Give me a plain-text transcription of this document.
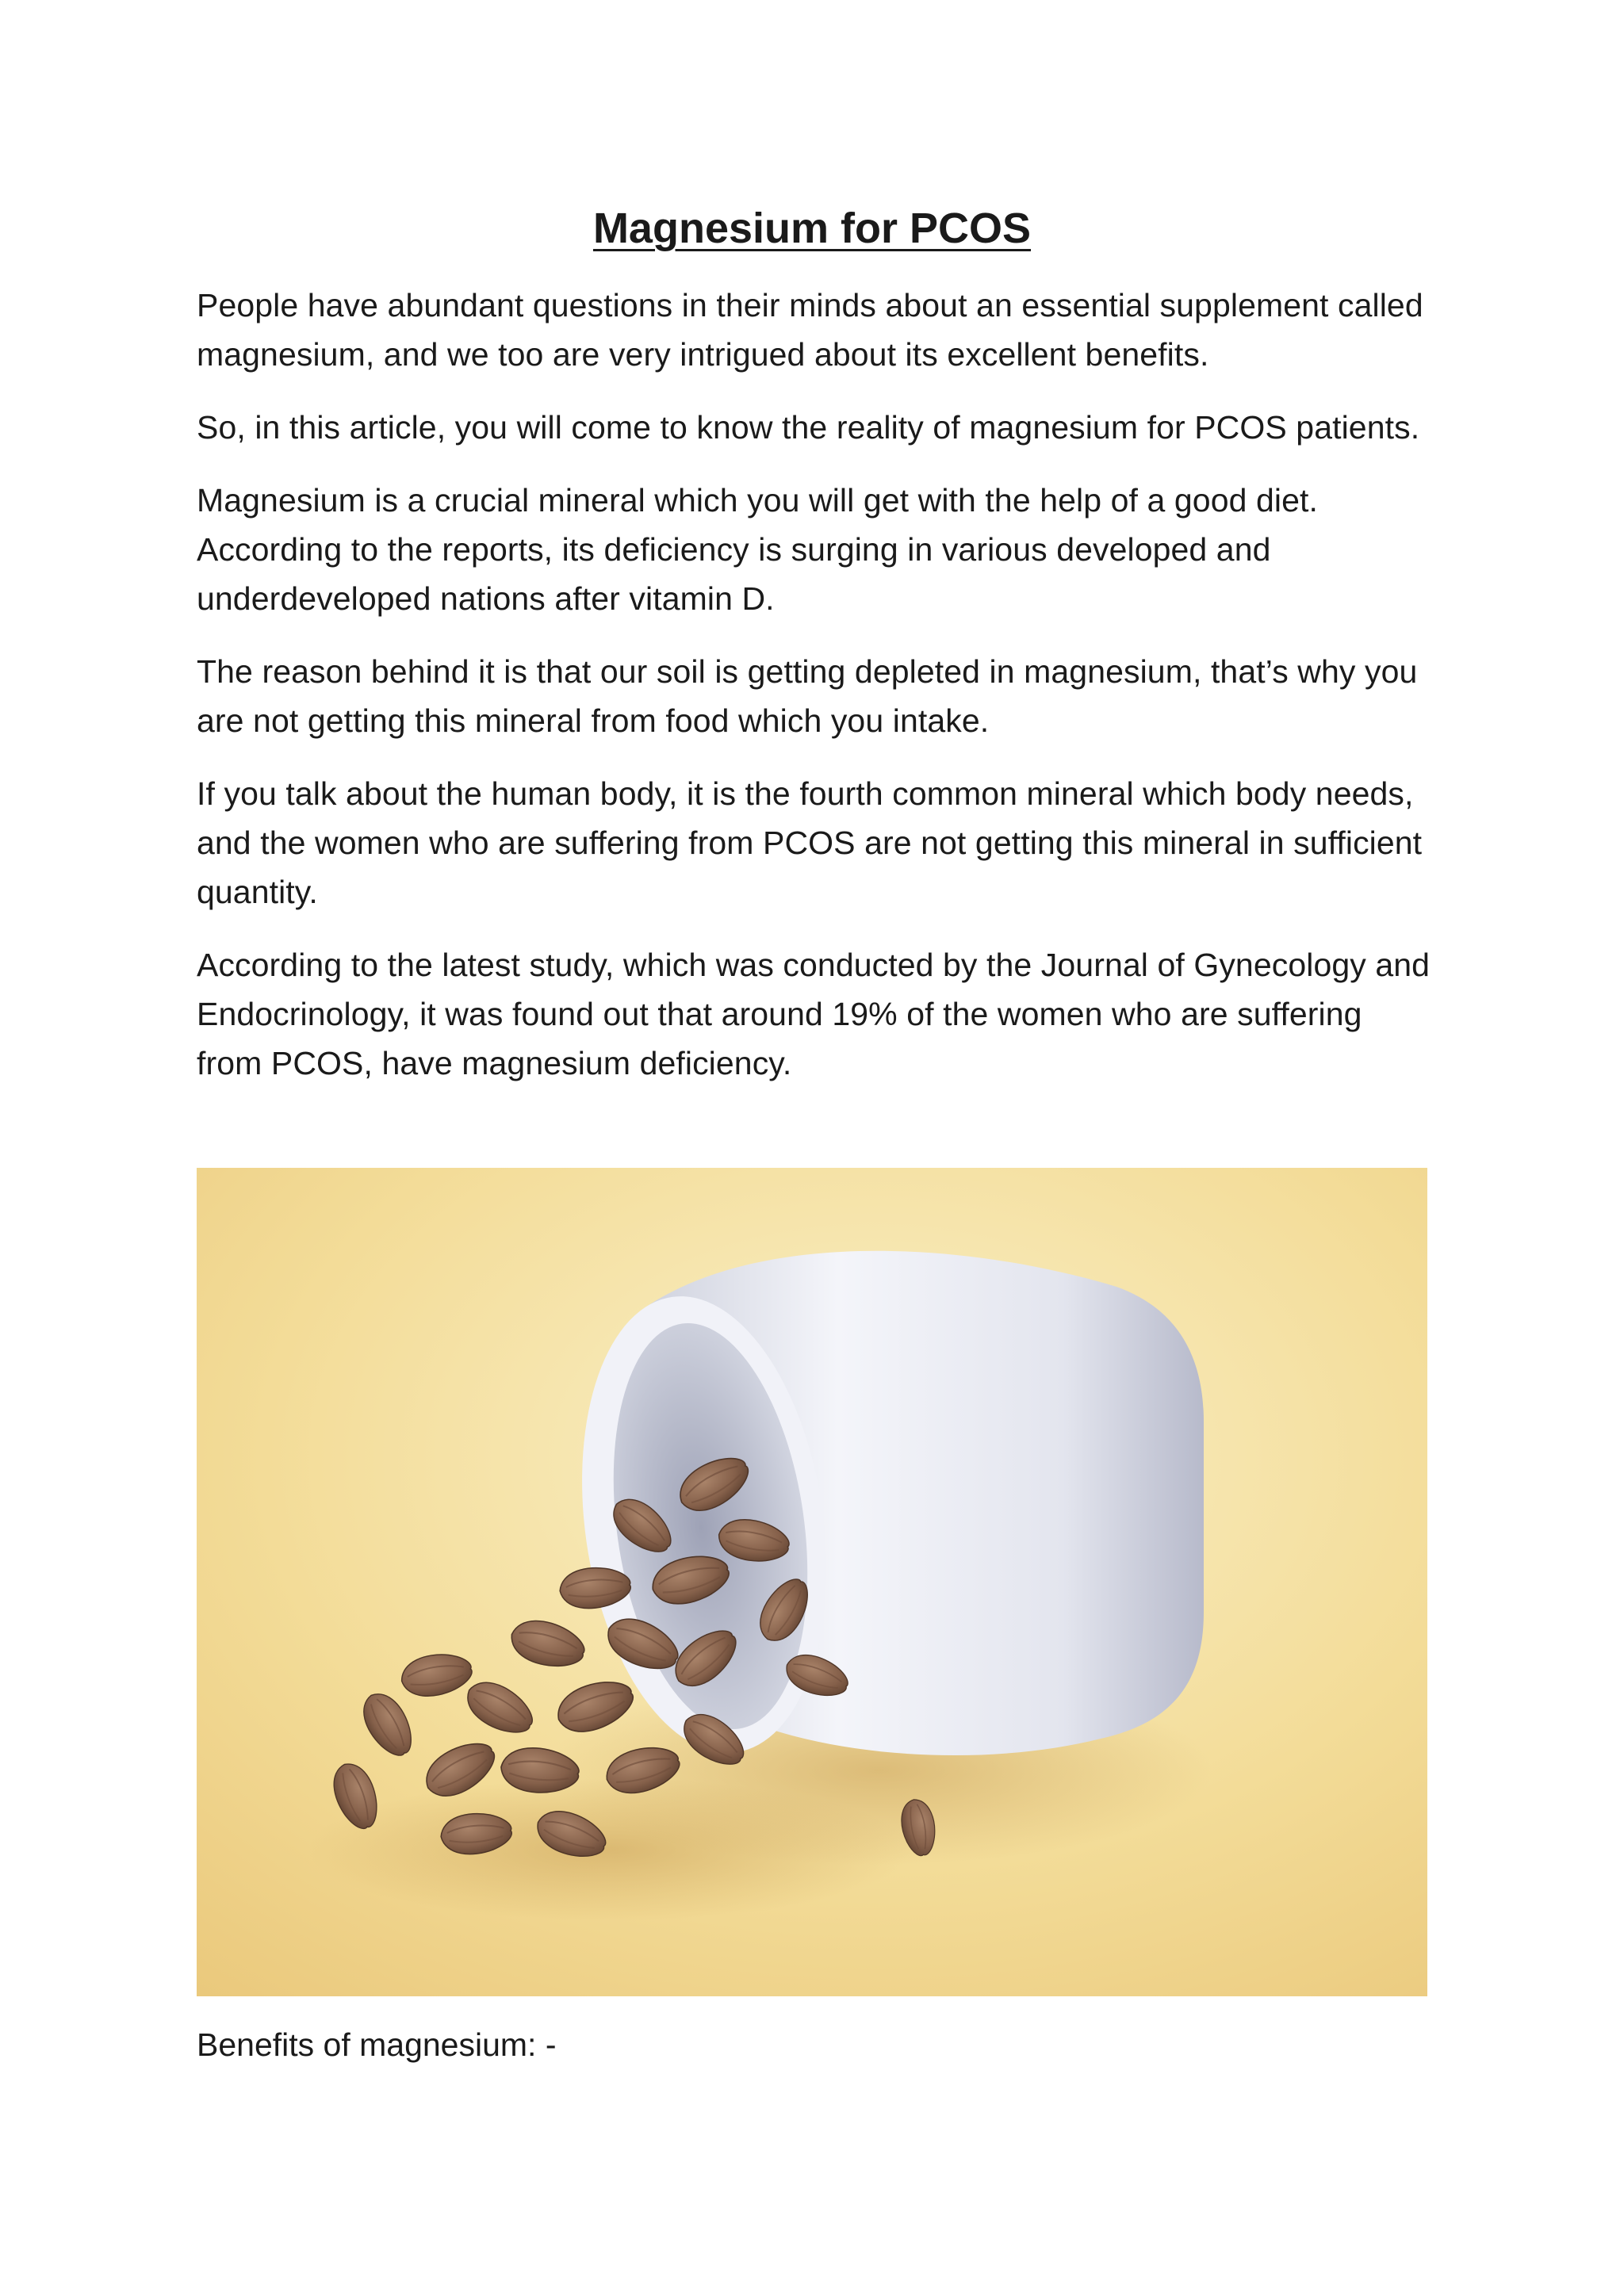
Magnesium for PCOS

People have abundant questions in their minds about an essential supplement called magnesium, and we too are very intrigued about its excellent benefits.

So, in this article, you will come to know the reality of magnesium for PCOS patients.

Magnesium is a crucial mineral which you will get with the help of a good diet. According to the reports, its deficiency is surging in various developed and underdeveloped nations after vitamin D.

The reason behind it is that our soil is getting depleted in magnesium, that’s why you are not getting this mineral from food which you intake.

If you talk about the human body, it is the fourth common mineral which body needs, and the women who are suffering from PCOS are not getting this mineral in sufficient quantity.

According to the latest study, which was conducted by the Journal of Gynecology and Endocrinology, it was found out that around 19% of the women who are suffering from PCOS, have magnesium deficiency.

Benefits of magnesium: -
